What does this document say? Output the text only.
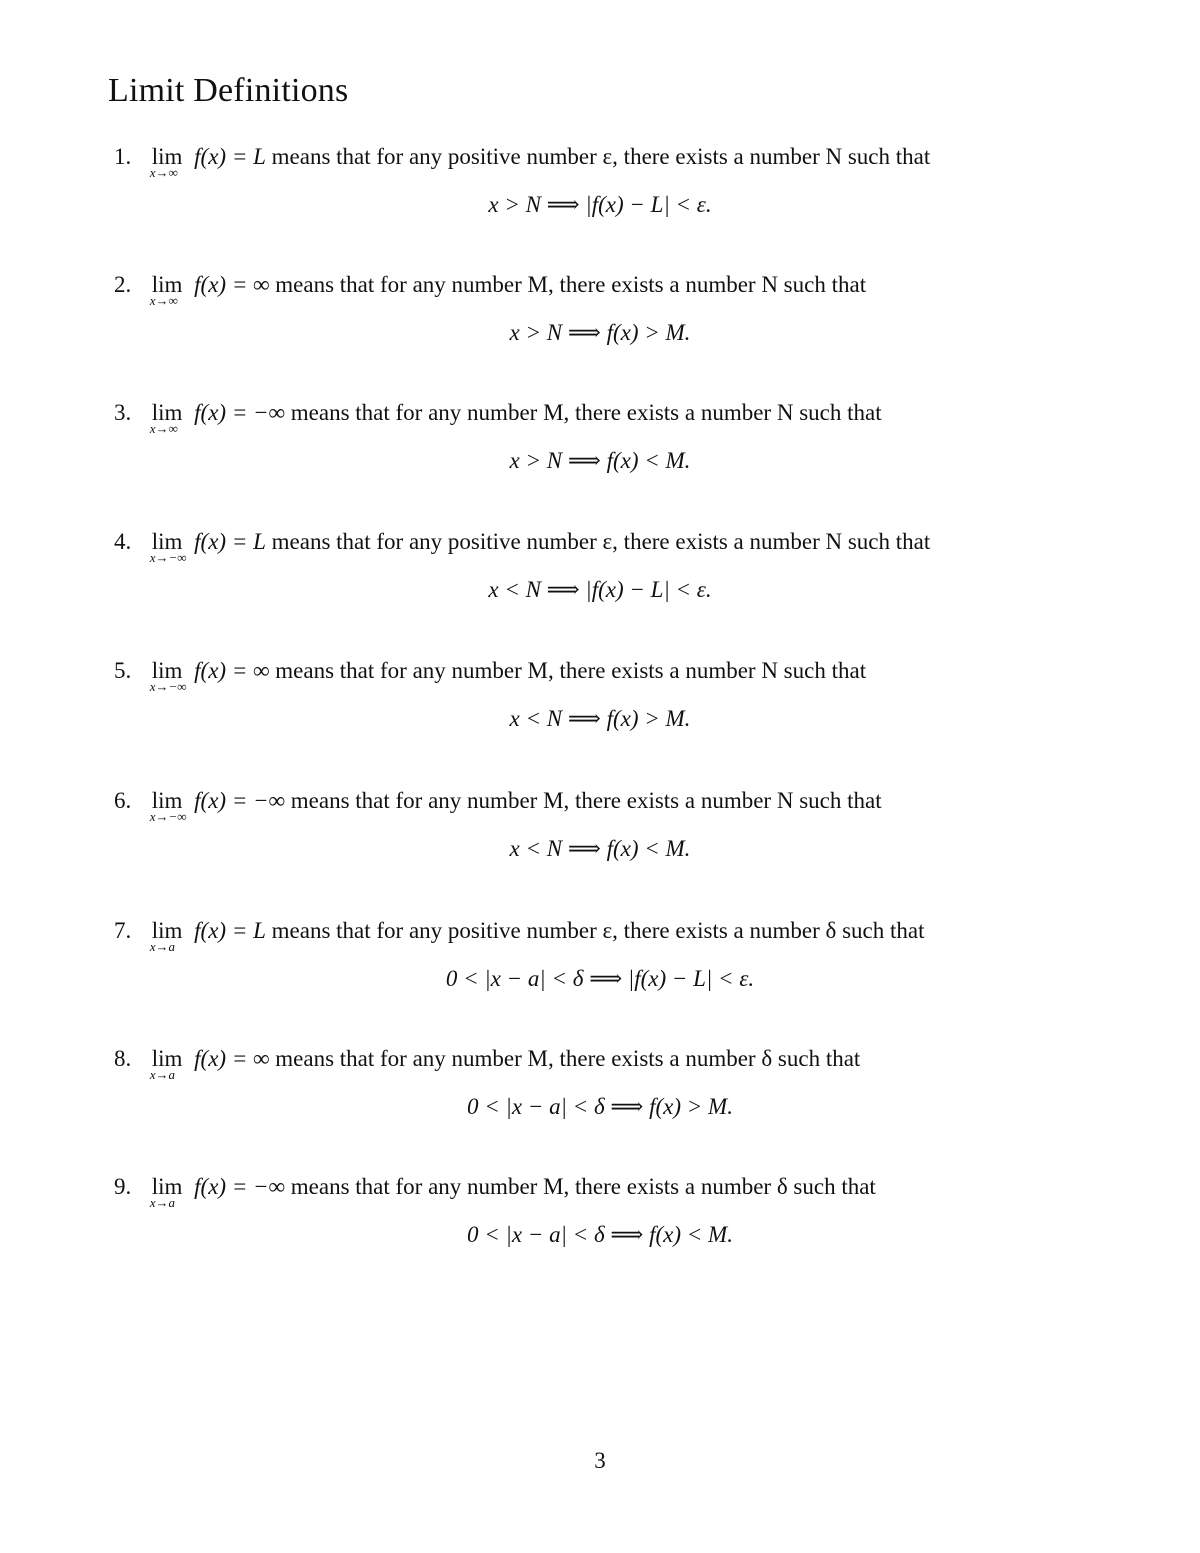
Limit Definitions
1. lim
x→∞
f(x) = L means that for any positive number ε, there exists a number N such that
x > N ⟹ |f(x) − L| < ε.
2. lim
x→∞
f(x) = ∞ means that for any number M, there exists a number N such that
x > N ⟹ f(x) > M.
3. lim
x→∞
f(x) = −∞ means that for any number M, there exists a number N such that
x > N ⟹ f(x) < M.
4. lim
x→−∞
f(x) = L means that for any positive number ε, there exists a number N such that
x < N ⟹ |f(x) − L| < ε.
5. lim
x→−∞
f(x) = ∞ means that for any number M, there exists a number N such that
x < N ⟹ f(x) > M.
6. lim
x→−∞
f(x) = −∞ means that for any number M, there exists a number N such that
x < N ⟹ f(x) < M.
7. lim
x→a
f(x) = L means that for any positive number ε, there exists a number δ such that
0 < |x − a| < δ ⟹ |f(x) − L| < ε.
8. lim
x→a
f(x) = ∞ means that for any number M, there exists a number δ such that
0 < |x − a| < δ ⟹ f(x) > M.
9. lim
x→a
f(x) = −∞ means that for any number M, there exists a number δ such that
0 < |x − a| < δ ⟹ f(x) < M.
3
